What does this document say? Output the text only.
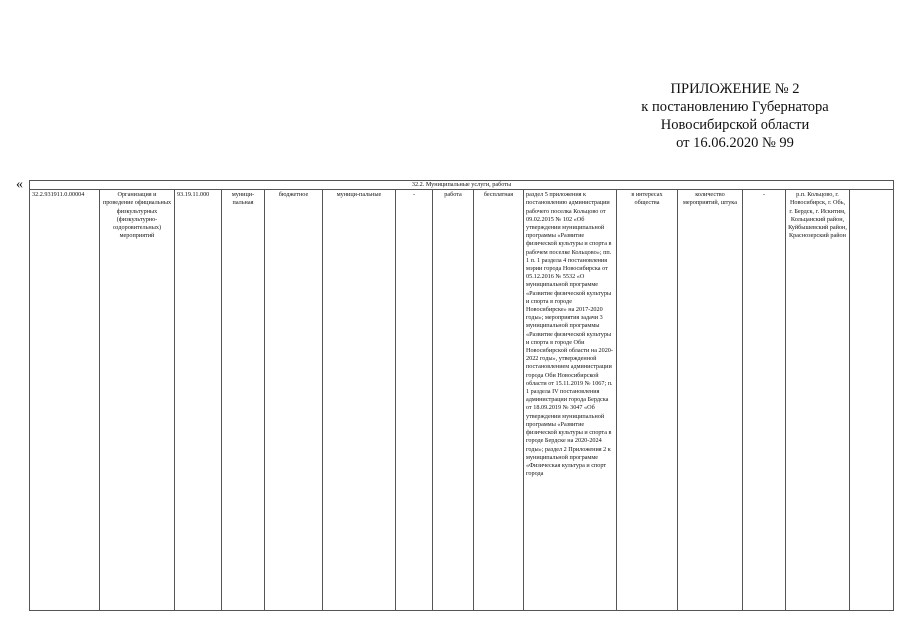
ПРИЛОЖЕНИЕ № 2
к постановлению Губернатора
Новосибирской области
от 16.06.2020 № 99
«	32.2. Муниципальные услуги, работы
32.2.931911.0.00004	Организация и проведение официальных физкультурных (физкультурно-оздоровительных) мероприятий	93.19.11.000	муници-пальная	бюджетное	муници-пальные	-	работа	бесплатная	раздел 5 приложения к постановлению администрации рабочего поселка Кольцово от 09.02.2015 № 102 «Об утверждении муниципальной программы «Развитие физической культуры и спорта в рабочем поселке Кольцово»; пп. 1 п. 1 раздела 4 постановления мэрии города Новосибирска от 05.12.2016 № 5532 «О муниципальной программе «Развитие физической культуры и спорта в городе Новосибирске» на 2017-2020 годы»; мероприятия задачи 3 муниципальной программы «Развитие физической культуры и спорта в городе Оби Новосибирской области на 2020-2022 годы», утвержденной постановлением администрации города Оби Новосибирской области от 15.11.2019 № 1067; п. 1 раздела IV постановления администрации города Бердска от 18.09.2019 № 3047 «Об утверждении муниципальной программы «Развитие физической культуры и спорта в городе Бердске на 2020-2024 годы»; раздел 2 Приложения 2 к муниципальной программе «Физическая культура и спорт города	в интересах общества	количество мероприятий, штука	-	р.п. Кольцово, г. Новосибирск, г. Обь, г. Бердск, г. Искитим, Кольцанский район, Куйбышевский район, Краснозерский район	
